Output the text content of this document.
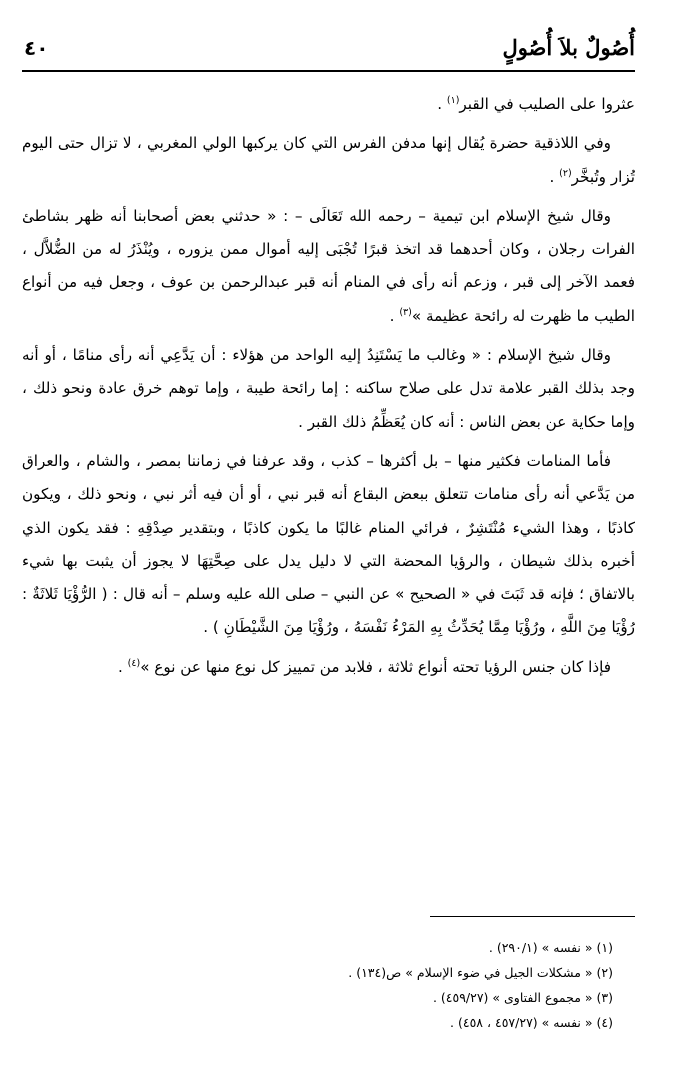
أُصُولٌ بلاَ أُصُولٍ
٤٠

عثروا على الصليب في القبر$^{(١)}$ .

وفي اللاذقية حضرة يُقال إنها مدفن الفرس التي كان يركبها الولي المغربي ، لا تزال حتى اليوم تُزار وتُبخَّر$^{(٢)}$ .

وقال شيخ الإسلام ابن تيمية – رحمه الله تَعَالَى – : « حدثني بعض أصحابنا أنه ظهر بشاطئ الفرات رجلان ، وكان أحدهما قد اتخذ قبرًا تُجْبَى إليه أموال ممن يزوره ، ويُنْذَرُ له من الضُّلاَّل ، فعمد الآخر إلى قبر ، وزعم أنه رأى في المنام أنه قبر عبدالرحمن بن عوف ، وجعل فيه من أنواع الطيب ما ظهرت له رائحة عظيمة »$^{(٣)}$ .

وقال شيخ الإسلام : « وغالب ما يَسْتَنِدُ إليه الواحد من هؤلاء : أن يَدَّعِي أنه رأى منامًا ، أو أنه وجد بذلك القبر علامة تدل على صلاح ساكنه : إما رائحة طيبة ، وإما توهم خرق عادة ونحو ذلك ، وإما حكاية عن بعض الناس : أنه كان يُعَظِّمُ ذلك القبر .

فأما المنامات فكثير منها – بل أكثرها – كذب ، وقد عرفنا في زماننا بمصر ، والشام ، والعراق من يَدَّعي أنه رأى منامات تتعلق ببعض البقاع أنه قبر نبي ، أو أن فيه أثر نبي ، ونحو ذلك ، ويكون كاذبًا ، وهذا الشيء مُنْتَشِرٌ ، فرائي المنام غالبًا ما يكون كاذبًا ، وبتقدير صِدْقِهِ : فقد يكون الذي أخبره بذلك شيطان ، والرؤيا المحضة التي لا دليل يدل على صِحَّتِهَا لا يجوز أن يثبت بها شيء بالاتفاق ؛ فإنه قد ثَبَتَ في « الصحيح » عن النبي – صلى الله عليه وسلم – أنه قال : ( الرُّؤْيَا ثَلاثَةٌ : رُؤْيَا مِنَ اللَّهِ ، ورُؤْيَا مِمَّا يُحَدِّثُ بِهِ المَرْءُ نَفْسَهُ ، ورُؤْيَا مِنَ الشَّيْطَانِ ) .

فإذا كان جنس الرؤيا تحته أنواع ثلاثة ، فلابد من تمييز كل نوع منها عن نوع »$^{(٤)}$ .

(١) « نفسه » (٢٩٠/١) .

(٢) « مشكلات الجيل في ضوء الإسلام » ص(١٣٤) .

(٣) « مجموع الفتاوى » (٤٥٩/٢٧) .

(٤) « نفسه » (٤٥٧/٢٧ ، ٤٥٨) .
